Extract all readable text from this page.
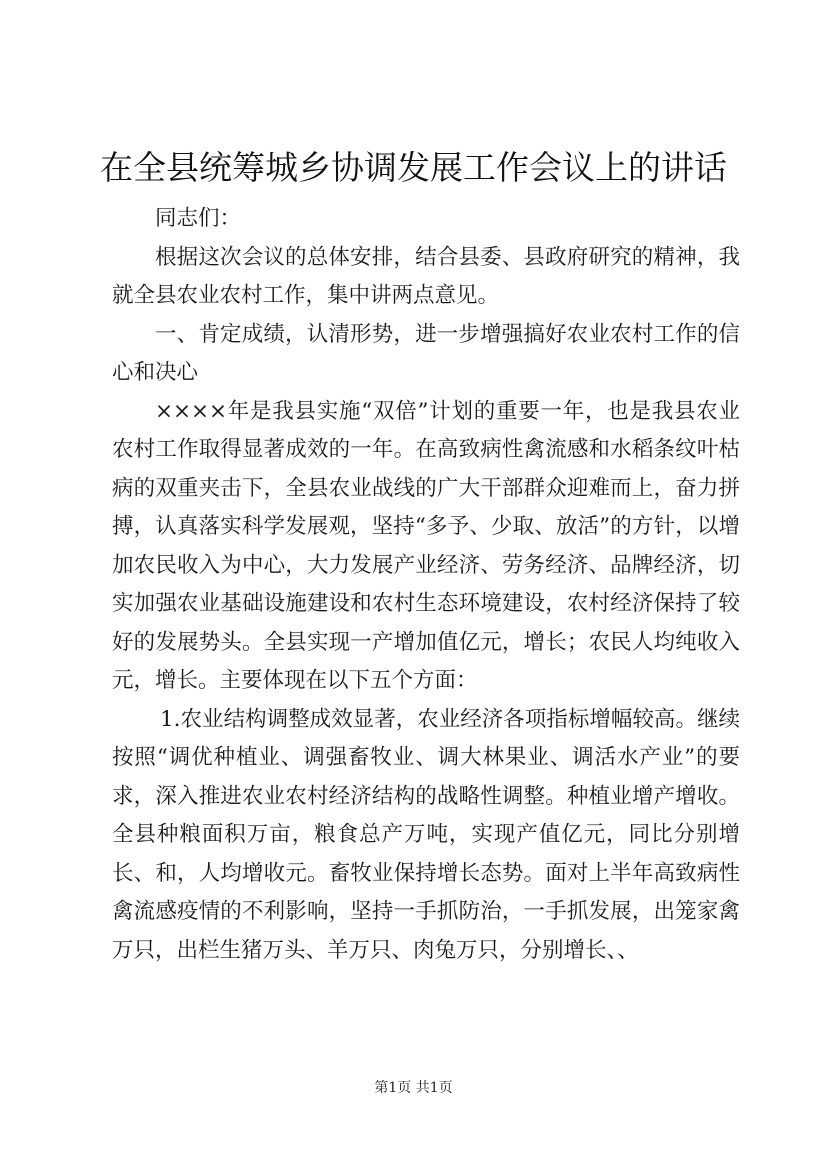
在全县统筹城乡协调发展工作会议上的讲话

同志们：

根据这次会议的总体安排，结合县委、县政府研究的精神，我就全县农业农村工作，集中讲两点意见。

一、肯定成绩，认清形势，进一步增强搞好农业农村工作的信心和决心

××××年是我县实施“双倍”计划的重要一年，也是我县农业农村工作取得显著成效的一年。在高致病性禽流感和水稻条纹叶枯病的双重夹击下，全县农业战线的广大干部群众迎难而上，奋力拼搏，认真落实科学发展观，坚持“多予、少取、放活”的方针，以增加农民收入为中心，大力发展产业经济、劳务经济、品牌经济，切实加强农业基础设施建设和农村生态环境建设，农村经济保持了较好的发展势头。全县实现一产增加值亿元，增长；农民人均纯收入元，增长。主要体现在以下五个方面：

1.农业结构调整成效显著，农业经济各项指标增幅较高。继续按照“调优种植业、调强畜牧业、调大林果业、调活水产业”的要求，深入推进农业农村经济结构的战略性调整。种植业增产增收。全县种粮面积万亩，粮食总产万吨，实现产值亿元，同比分别增长、和，人均增收元。畜牧业保持增长态势。面对上半年高致病性禽流感疫情的不利影响，坚持一手抓防治，一手抓发展，出笼家禽万只，出栏生猪万头、羊万只、肉兔万只，分别增长、、

第1页 共1页
